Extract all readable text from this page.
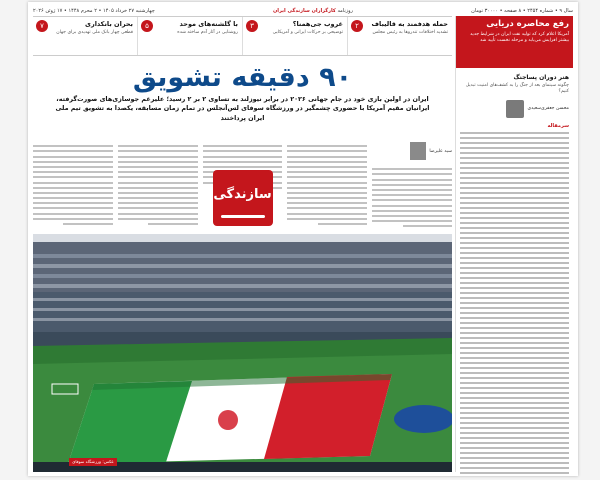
سال ۹ • شماره ۲۴۵۴ • ۸ صفحه • ۳۰۰۰۰ تومان
روزنامه کارگزاران سازندگی ایران
چهارشنبه ۲۷ خرداد ۱۴۰۵ • ۲ محرم ۱۴۴۸ • ۱۷ ژوئن ۲۰۲۶
رفع محاصره دریایی
آمریکا اعلام کرد که تولید نفت ایران در شرایط جدید بیشتر افزایش می‌یابد و مرحله نخست تأیید شد
هنر دوران پساجنگ
چگونه سینمای بعد از جنگ را به کشف‌های امنیت تبدیل کنیم؟
محسن جعفری‌سعیدی
سرمقاله
۲	حمله هدفمند به قالیباف
تشدید اختلافات تندروها به رئیس مجلس
۳	غروب جی‌همنا؟
توضیحی بر حرکات ایرانی و آمریکایی
۵	با گلشنه‌های موحد
روشنایی در آثار آدم ساخته شده
۷	بحران بانکداری
قطعی چهار بانک ملی تهدیدی برای جهان
۹۰ دقیقه تشویق
ایران در اولین بازی خود در جام جهانی ۲۰۲۶ در برابر نیوزلند به تساوی ۲ بر ۲ رسید؛ علیرغم جوسازی‌های صورت‌گرفته، ایرانیان مقیم آمریکا با حضوری چشمگیر در ورزشگاه سوفای لس‌آنجلس در تمام زمان مسابقه، یکصدا به تشویق تیم ملی ایران پرداختند
سید علیرضا
سازندگی
عکس: ورزشگاه سوفای
